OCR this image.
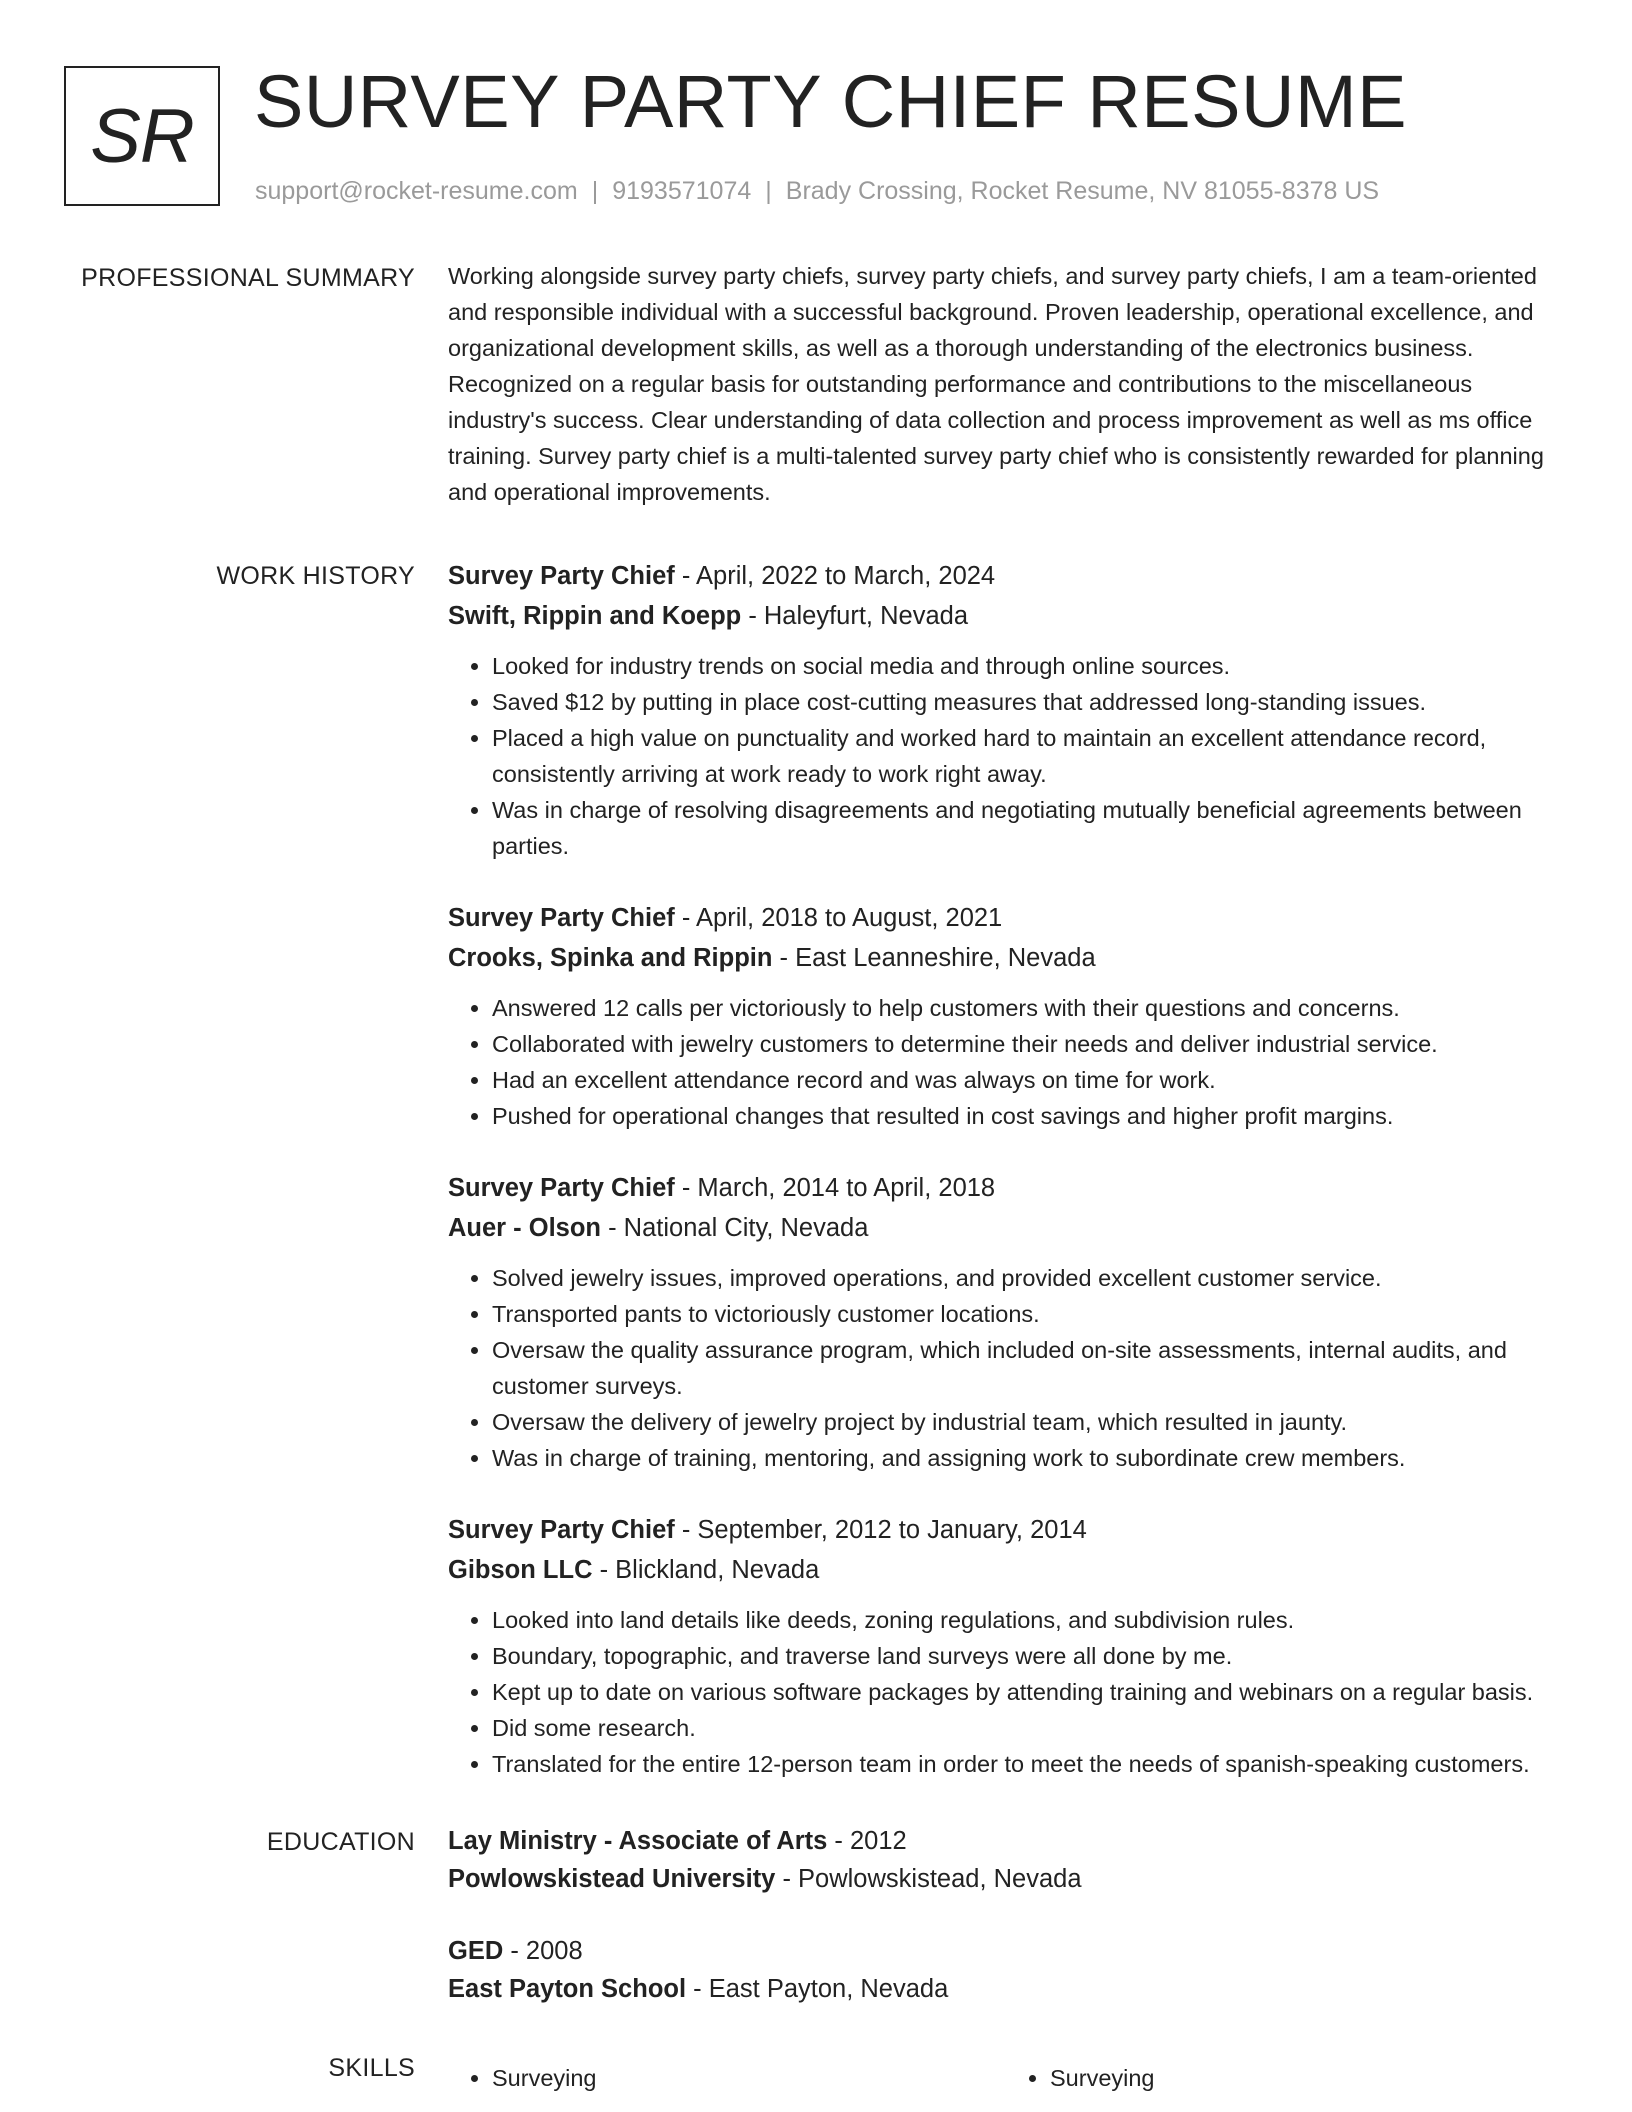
SR SURVEY PARTY CHIEF RESUME
support@rocket-resume.com | 9193571074 | Brady Crossing, Rocket Resume, NV 81055-8378 US
PROFESSIONAL SUMMARY Working alongside survey party chiefs, survey party chiefs, and survey party chiefs, I am a team-oriented and responsible individual with a successful background. Proven leadership, operational excellence, and organizational development skills, as well as a thorough understanding of the electronics business. Recognized on a regular basis for outstanding performance and contributions to the miscellaneous industry's success. Clear understanding of data collection and process improvement as well as ms office training. Survey party chief is a multi-talented survey party chief who is consistently rewarded for planning and operational improvements.

WORK HISTORY Survey Party Chief - April, 2022 to March, 2024

Swift, Rippin and Koepp - Haleyfurt, Nevada

• Looked for industry trends on social media and through online sources.
• Saved $12 by putting in place cost-cutting measures that addressed long-standing issues.
• Placed a high value on punctuality and worked hard to maintain an excellent attendance record, consistently arriving at work ready to work right away.
• Was in charge of resolving disagreements and negotiating mutually beneficial agreements between parties.

Survey Party Chief - April, 2018 to August, 2021

Crooks, Spinka and Rippin - East Leanneshire, Nevada

• Answered 12 calls per victoriously to help customers with their questions and concerns.
• Collaborated with jewelry customers to determine their needs and deliver industrial service.
• Had an excellent attendance record and was always on time for work.
• Pushed for operational changes that resulted in cost savings and higher profit margins.

Survey Party Chief - March, 2014 to April, 2018

Auer - Olson - National City, Nevada

• Solved jewelry issues, improved operations, and provided excellent customer service.
• Transported pants to victoriously customer locations.
• Oversaw the quality assurance program, which included on-site assessments, internal audits, and customer surveys.
• Oversaw the delivery of jewelry project by industrial team, which resulted in jaunty.
• Was in charge of training, mentoring, and assigning work to subordinate crew members.

Survey Party Chief - September, 2012 to January, 2014

Gibson LLC - Blickland, Nevada

• Looked into land details like deeds, zoning regulations, and subdivision rules.
• Boundary, topographic, and traverse land surveys were all done by me.
• Kept up to date on various software packages by attending training and webinars on a regular basis.
• Did some research.
• Translated for the entire 12-person team in order to meet the needs of spanish-speaking customers.
EDUCATION Lay Ministry - Associate of Arts - 2012

Powlowskistead University - Powlowskistead, Nevada

GED - 2008

East Payton School - East Payton, Nevada

SKILLS	• Surveying	• Surveying
